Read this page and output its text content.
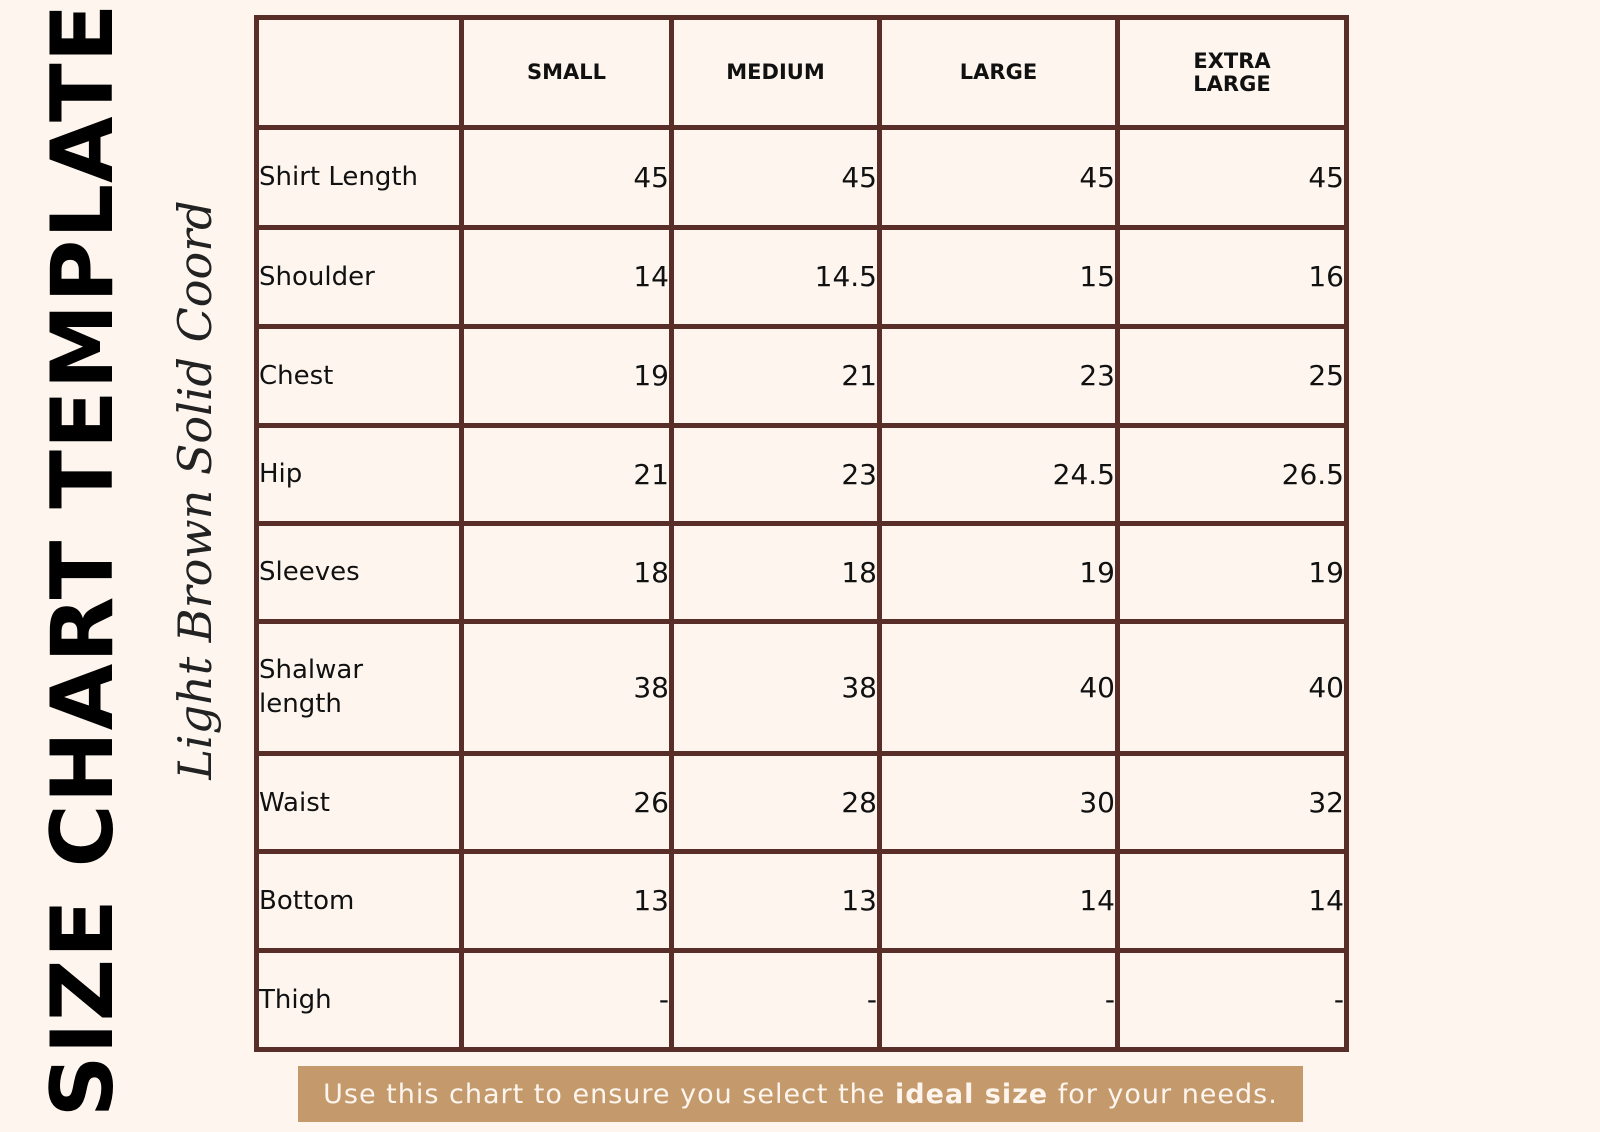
SIZE CHART TEMPLATE Light Brown Solid Coord
	SMALL	MEDIUM	LARGE	EXTRA LARGE
Shirt Length	45	45	45	45
Shoulder	14	14.5	15	16
Chest	19	21	23	25
Hip	21	23	24.5	26.5
Sleeves	18	18	19	19
Shalwar length	38	38	40	40
Waist	26	28	30	32
Bottom	13	13	14	14
Thigh	-	-	-	-
Use this chart to ensure you select the ideal size for your needs.
